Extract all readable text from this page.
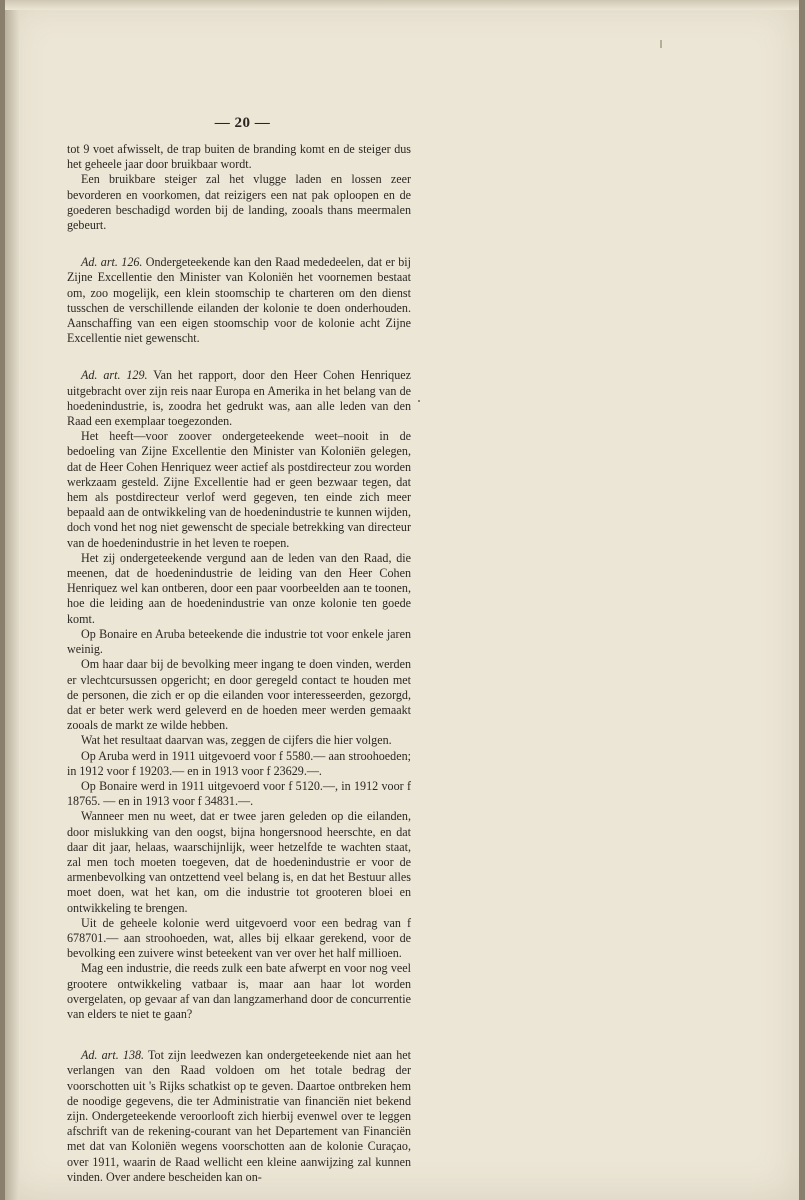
— 20 —

tot 9 voet afwisselt, de trap buiten de branding komt en de steiger dus het geheele jaar door bruikbaar wordt.

Een bruikbare steiger zal het vlugge laden en lossen zeer bevorderen en voorkomen, dat reizigers een nat pak oploopen en de goederen beschadigd worden bij de landing, zooals thans meermalen gebeurt.

Ad. art. 126. Ondergeteekende kan den Raad mededeelen, dat er bij Zijne Excellentie den Minister van Koloniën het voornemen bestaat om, zoo mogelijk, een klein stoomschip te charteren om den dienst tusschen de verschillende eilanden der kolonie te doen onderhouden. Aanschaffing van een eigen stoomschip voor de kolonie acht Zijne Excellentie niet gewenscht.

Ad. art. 129. Van het rapport, door den Heer Cohen Henriquez uitgebracht over zijn reis naar Europa en Amerika in het belang van de hoedenindustrie, is, zoodra het gedrukt was, aan alle leden van den Raad een exemplaar toegezonden.

Het heeft—voor zoover ondergeteekende weet–nooit in de bedoeling van Zijne Excellentie den Minister van Koloniën gelegen, dat de Heer Cohen Henriquez weer actief als postdirecteur zou worden werkzaam gesteld. Zijne Excellentie had er geen bezwaar tegen, dat hem als postdirecteur verlof werd gegeven, ten einde zich meer bepaald aan de ontwikkeling van de hoedenindustrie te kunnen wijden, doch vond het nog niet gewenscht de speciale betrekking van directeur van de hoedenindustrie in het leven te roepen.

Het zij ondergeteekende vergund aan de leden van den Raad, die meenen, dat de hoedenindustrie de leiding van den Heer Cohen Henriquez wel kan ontberen, door een paar voorbeelden aan te toonen, hoe die leiding aan de hoedenindustrie van onze kolonie ten goede komt.

Op Bonaire en Aruba beteekende die industrie tot voor enkele jaren weinig.

Om haar daar bij de bevolking meer ingang te doen vinden, werden er vlechtcursussen opgericht; en door geregeld contact te houden met de personen, die zich er op die eilanden voor interesseerden, gezorgd, dat er beter werk werd geleverd en de hoeden meer werden gemaakt zooals de markt ze wilde hebben.

Wat het resultaat daarvan was, zeggen de cijfers die hier volgen.

Op Aruba werd in 1911 uitgevoerd voor f 5580.— aan stroohoeden; in 1912 voor f 19203.— en in 1913 voor f 23629.—.

Op Bonaire werd in 1911 uitgevoerd voor f 5120.—, in 1912 voor f 18765. — en in 1913 voor f 34831.—.

Wanneer men nu weet, dat er twee jaren geleden op die eilanden, door mislukking van den oogst, bijna hongersnood heerschte, en dat daar dit jaar, helaas, waarschijnlijk, weer hetzelfde te wachten staat, zal men toch moeten toegeven, dat de hoedenindustrie er voor de armenbevolking van ontzettend veel belang is, en dat het Bestuur alles moet doen, wat het kan, om die industrie tot grooteren bloei en ontwikkeling te brengen.

Uit de geheele kolonie werd uitgevoerd voor een bedrag van f 678701.— aan stroohoeden, wat, alles bij elkaar gerekend, voor de bevolking een zuivere winst beteekent van ver over het half millioen.

Mag een industrie, die reeds zulk een bate afwerpt en voor nog veel grootere ontwikkeling vatbaar is, maar aan haar lot worden overgelaten, op gevaar af van dan langzamerhand door de concurrentie van elders te niet te gaan?

Ad. art. 138. Tot zijn leedwezen kan ondergeteekende niet aan het verlangen van den Raad voldoen om het totale bedrag der voorschotten uit 's Rijks schatkist op te geven. Daartoe ontbreken hem de noodige gegevens, die ter Administratie van financiën niet bekend zijn. Ondergeteekende veroorlooft zich hierbij evenwel over te leggen afschrift van de rekening-courant van het Departement van Financiën met dat van Koloniën wegens voorschotten aan de kolonie Curaçao, over 1911, waarin de Raad wellicht een kleine aanwijzing zal kunnen vinden. Over andere bescheiden kan on-
